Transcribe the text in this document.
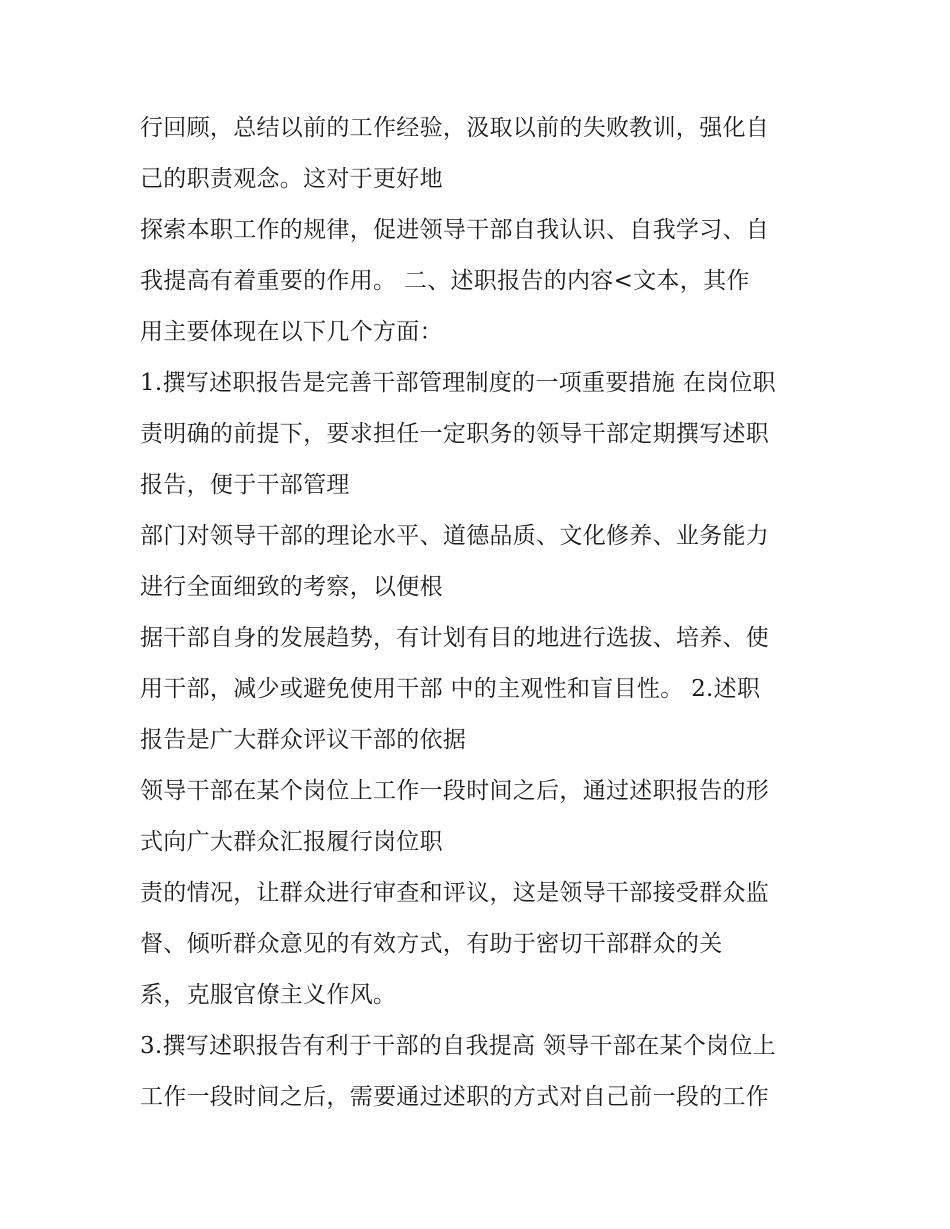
行回顾，总结以前的工作经验，汲取以前的失败教训，强化自
己的职责观念。这对于更好地
探索本职工作的规律，促进领导干部自我认识、自我学习、自
我提高有着重要的作用。 二、述职报告的内容<文本，其作
用主要体现在以下几个方面：
1.撰写述职报告是完善干部管理制度的一项重要措施 在岗位职
责明确的前提下，要求担任一定职务的领导干部定期撰写述职
报告，便于干部管理
部门对领导干部的理论水平、道德品质、文化修养、业务能力
进行全面细致的考察，以便根
据干部自身的发展趋势，有计划有目的地进行选拔、培养、使
用干部，减少或避免使用干部 中的主观性和盲目性。 2.述职
报告是广大群众评议干部的依据
领导干部在某个岗位上工作一段时间之后，通过述职报告的形
式向广大群众汇报履行岗位职
责的情况，让群众进行审查和评议，这是领导干部接受群众监
督、倾听群众意见的有效方式，有助于密切干部群众的关
系，克服官僚主义作风。
3.撰写述职报告有利于干部的自我提高 领导干部在某个岗位上
工作一段时间之后，需要通过述职的方式对自己前一段的工作
